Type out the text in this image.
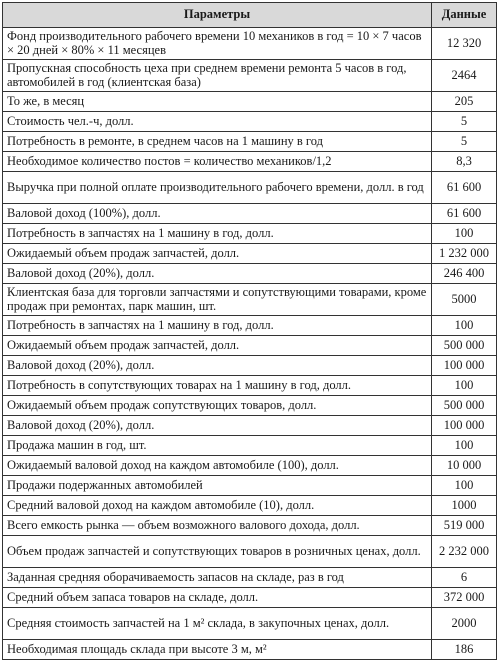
Параметры	Данные
Фонд производительного рабочего времени 10 механиков в год = 10 × 7 часов × 20 дней × 80% × 11 месяцев	12 320
Пропускная способность цеха при среднем времени ремонта 5 часов в год, автомобилей в год (клиентская база)	2464
То же, в месяц	205
Стоимость чел.-ч, долл.	5
Потребность в ремонте, в среднем часов на 1 машину в год	5
Необходимое количество постов = количество механиков/1,2	8,3
Выручка при полной оплате производительного рабочего времени, долл. в год	61 600
Валовой доход (100%), долл.	61 600
Потребность в запчастях на 1 машину в год, долл.	100
Ожидаемый объем продаж запчастей, долл.	1 232 000
Валовой доход (20%), долл.	246 400
Клиентская база для торговли запчастями и сопутствующими товарами, кроме продаж при ремонтах, парк машин, шт.	5000
Потребность в запчастях на 1 машину в год, долл.	100
Ожидаемый объем продаж запчастей, долл.	500 000
Валовой доход (20%), долл.	100 000
Потребность в сопутствующих товарах на 1 машину в год, долл.	100
Ожидаемый объем продаж сопутствующих товаров, долл.	500 000
Валовой доход (20%), долл.	100 000
Продажа машин в год, шт.	100
Ожидаемый валовой доход на каждом автомобиле (100), долл.	10 000
Продажи подержанных автомобилей	100
Средний валовой доход на каждом автомобиле (10), долл.	1000
Всего емкость рынка — объем возможного валового дохода, долл.	519 000
Объем продаж запчастей и сопутствующих товаров в розничных ценах, долл.	2 232 000
Заданная средняя оборачиваемость запасов на складе, раз в год	6
Средний объем запаса товаров на складе, долл.	372 000
Средняя стоимость запчастей на 1 м² склада, в закупочных ценах, долл.	2000
Необходимая площадь склада при высоте 3 м, м²	186
